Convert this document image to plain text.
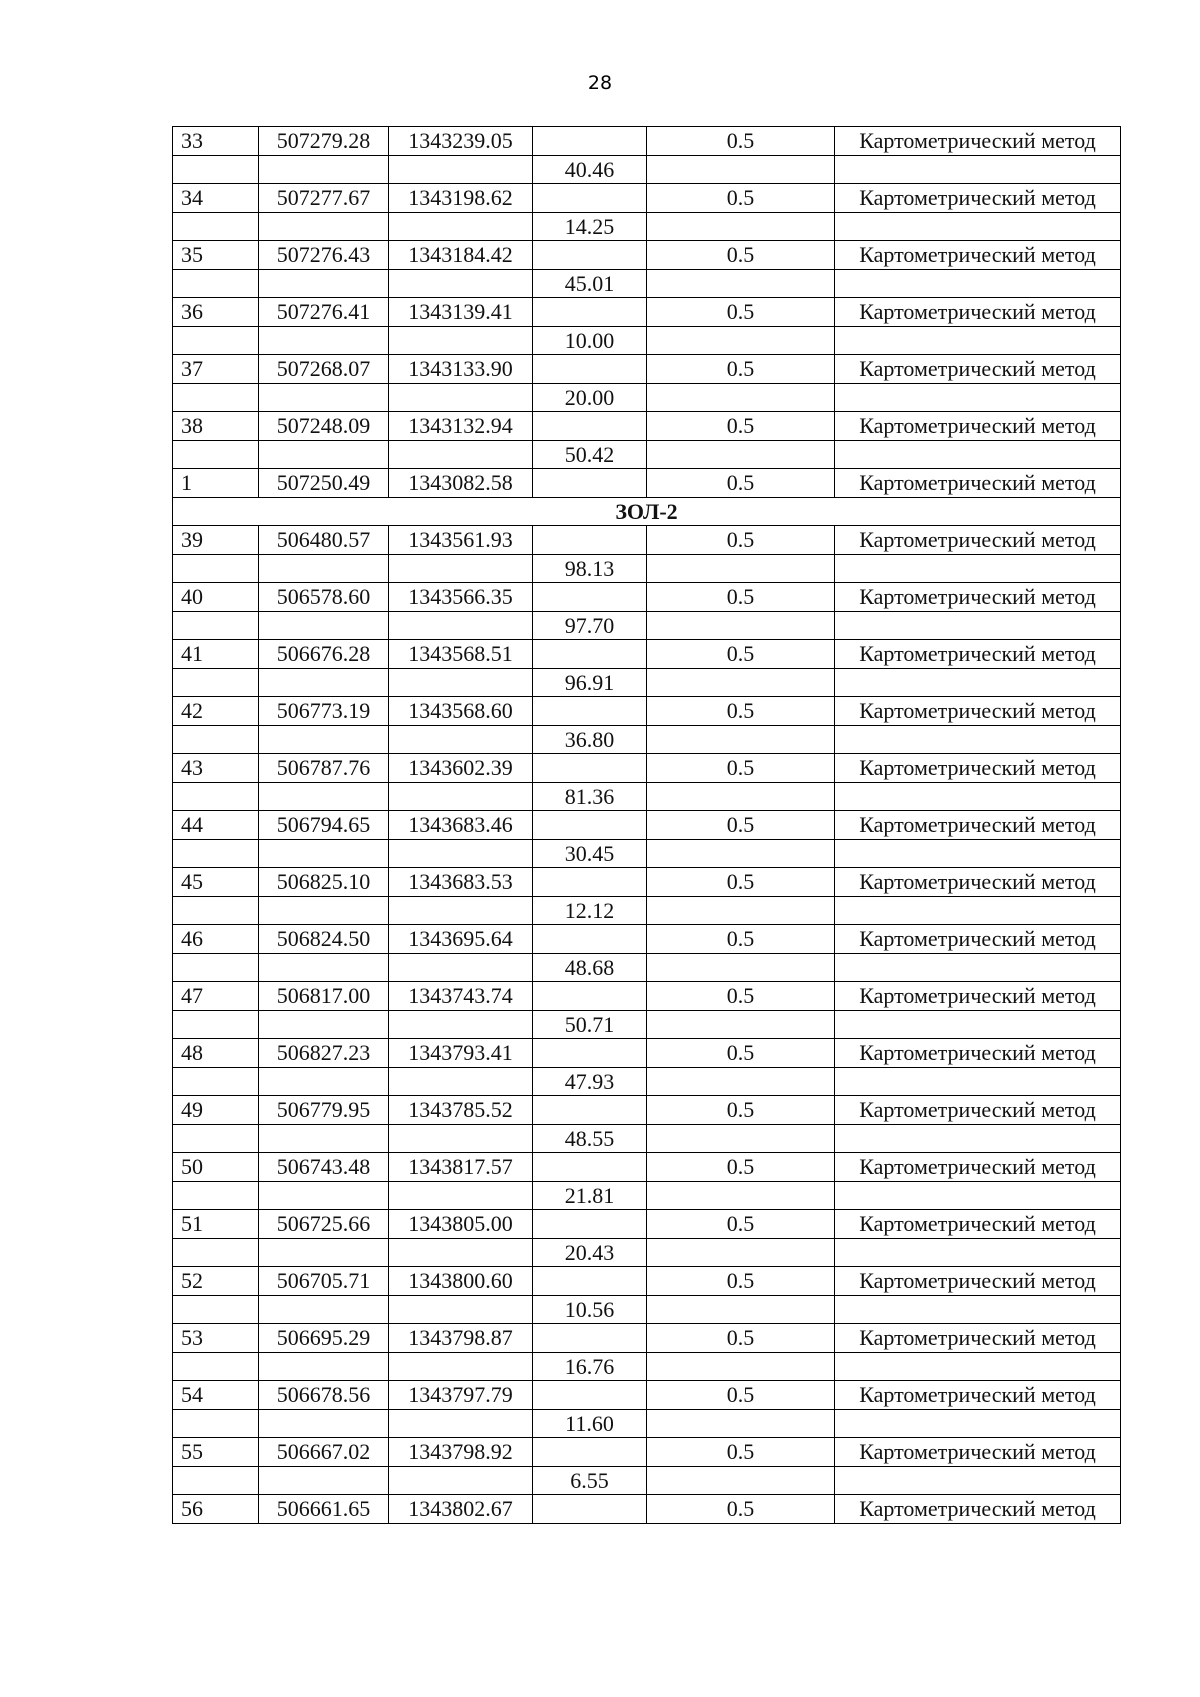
28
33	507279.28	1343239.05		0.5	Картометрический метод
			40.46		
34	507277.67	1343198.62		0.5	Картометрический метод
			14.25		
35	507276.43	1343184.42		0.5	Картометрический метод
			45.01		
36	507276.41	1343139.41		0.5	Картометрический метод
			10.00		
37	507268.07	1343133.90		0.5	Картометрический метод
			20.00		
38	507248.09	1343132.94		0.5	Картометрический метод
			50.42		
1	507250.49	1343082.58		0.5	Картометрический метод
ЗОЛ-2					
39	506480.57	1343561.93		0.5	Картометрический метод
			98.13		
40	506578.60	1343566.35		0.5	Картометрический метод
			97.70		
41	506676.28	1343568.51		0.5	Картометрический метод
			96.91		
42	506773.19	1343568.60		0.5	Картометрический метод
			36.80		
43	506787.76	1343602.39		0.5	Картометрический метод
			81.36		
44	506794.65	1343683.46		0.5	Картометрический метод
			30.45		
45	506825.10	1343683.53		0.5	Картометрический метод
			12.12		
46	506824.50	1343695.64		0.5	Картометрический метод
			48.68		
47	506817.00	1343743.74		0.5	Картометрический метод
			50.71		
48	506827.23	1343793.41		0.5	Картометрический метод
			47.93		
49	506779.95	1343785.52		0.5	Картометрический метод
			48.55		
50	506743.48	1343817.57		0.5	Картометрический метод
			21.81		
51	506725.66	1343805.00		0.5	Картометрический метод
			20.43		
52	506705.71	1343800.60		0.5	Картометрический метод
			10.56		
53	506695.29	1343798.87		0.5	Картометрический метод
			16.76		
54	506678.56	1343797.79		0.5	Картометрический метод
			11.60		
55	506667.02	1343798.92		0.5	Картометрический метод
			6.55		
56	506661.65	1343802.67		0.5	Картометрический метод
